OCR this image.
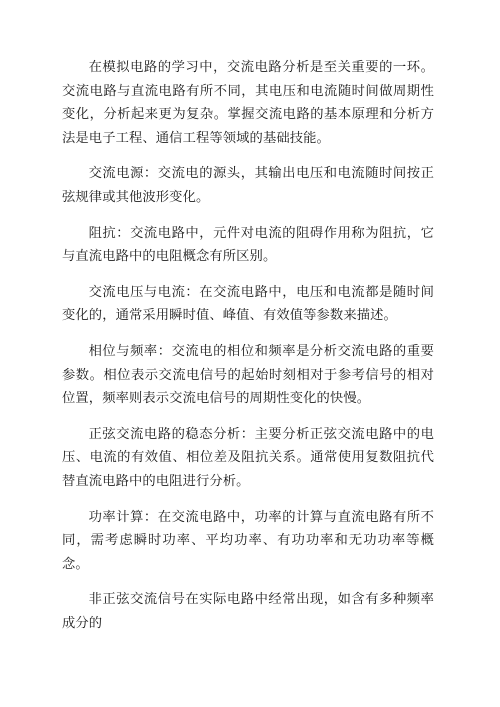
在模拟电路的学习中，交流电路分析是至关重要的一环。交流电路与直流电路有所不同，其电压和电流随时间做周期性变化，分析起来更为复杂。掌握交流电路的基本原理和分析方法是电子工程、通信工程等领域的基础技能。

交流电源：交流电的源头，其输出电压和电流随时间按正弦规律或其他波形变化。

阻抗：交流电路中，元件对电流的阻碍作用称为阻抗，它与直流电路中的电阻概念有所区别。

交流电压与电流：在交流电路中，电压和电流都是随时间变化的，通常采用瞬时值、峰值、有效值等参数来描述。

相位与频率：交流电的相位和频率是分析交流电路的重要参数。相位表示交流电信号的起始时刻相对于参考信号的相对位置，频率则表示交流电信号的周期性变化的快慢。

正弦交流电路的稳态分析：主要分析正弦交流电路中的电压、电流的有效值、相位差及阻抗关系。通常使用复数阻抗代替直流电路中的电阻进行分析。

功率计算：在交流电路中，功率的计算与直流电路有所不同，需考虑瞬时功率、平均功率、有功功率和无功功率等概念。

非正弦交流信号在实际电路中经常出现，如含有多种频率成分的
